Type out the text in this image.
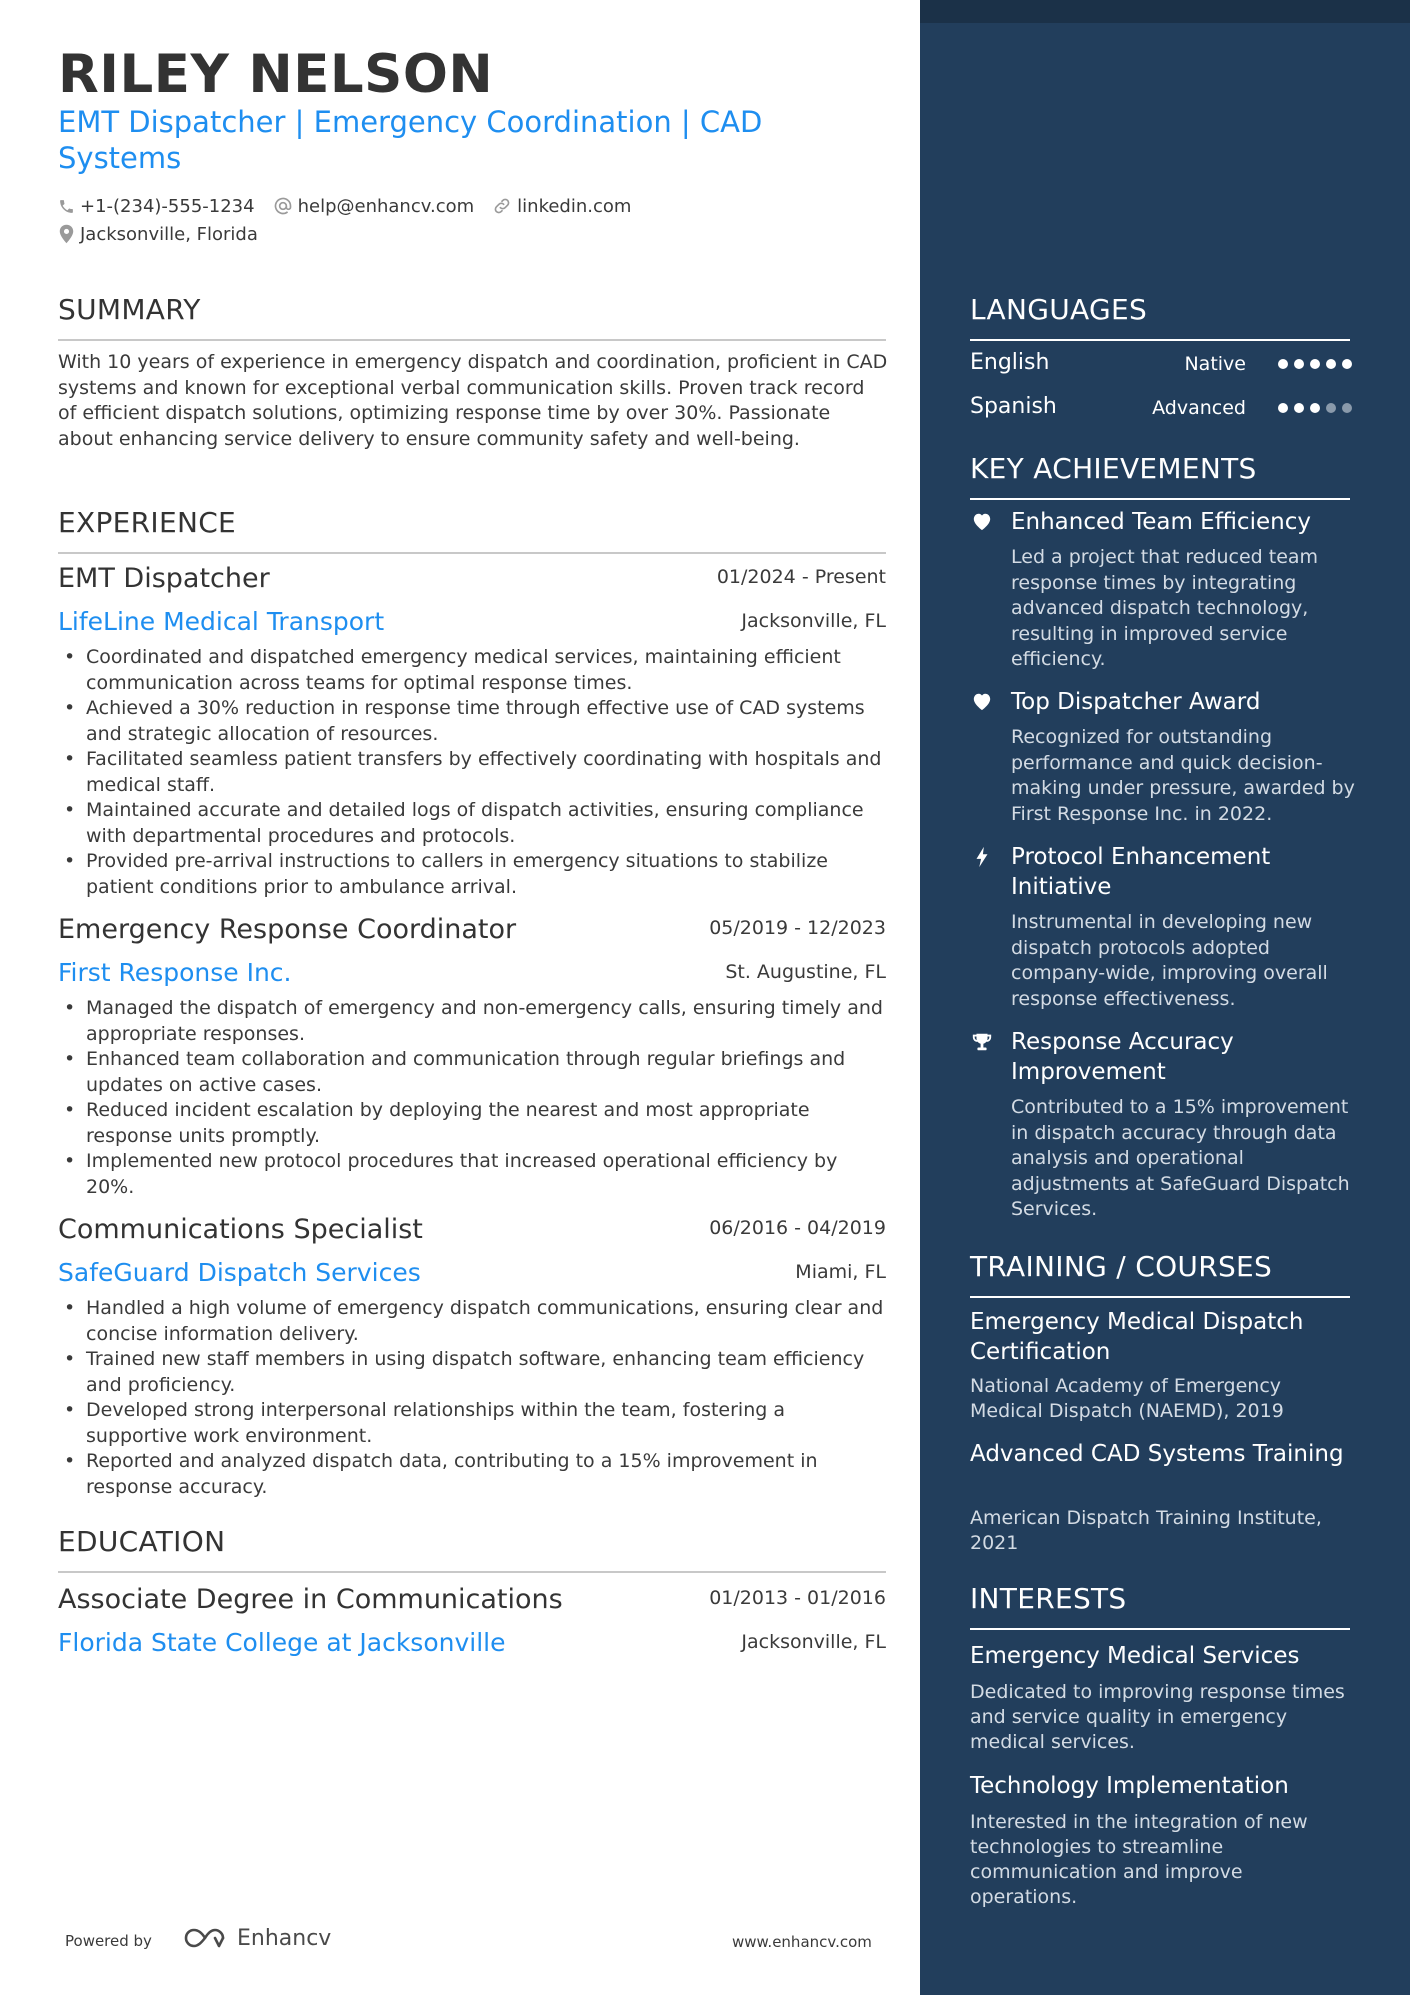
RILEY NELSON
EMT Dispatcher | Emergency Coordination | CAD Systems
+1-(234)-555-1234 help@enhancv.com linkedin.com
Jacksonville, Florida
SUMMARY
With 10 years of experience in emergency dispatch and coordination, proficient in CAD systems and known for exceptional verbal communication skills. Proven track record of efficient dispatch solutions, optimizing response time by over 30%. Passionate about enhancing service delivery to ensure community safety and well-being.
EXPERIENCE
EMT Dispatcher	01/2024 - Present
LifeLine Medical Transport	Jacksonville, FL
• Coordinated and dispatched emergency medical services, maintaining efficient communication across teams for optimal response times.
• Achieved a 30% reduction in response time through effective use of CAD systems and strategic allocation of resources.
• Facilitated seamless patient transfers by effectively coordinating with hospitals and medical staff.
• Maintained accurate and detailed logs of dispatch activities, ensuring compliance with departmental procedures and protocols.
• Provided pre-arrival instructions to callers in emergency situations to stabilize patient conditions prior to ambulance arrival.
Emergency Response Coordinator	05/2019 - 12/2023
First Response Inc.	St. Augustine, FL
• Managed the dispatch of emergency and non-emergency calls, ensuring timely and appropriate responses.
• Enhanced team collaboration and communication through regular briefings and updates on active cases.
• Reduced incident escalation by deploying the nearest and most appropriate response units promptly.
• Implemented new protocol procedures that increased operational efficiency by 20%.
Communications Specialist	06/2016 - 04/2019
SafeGuard Dispatch Services	Miami, FL
• Handled a high volume of emergency dispatch communications, ensuring clear and concise information delivery.
• Trained new staff members in using dispatch software, enhancing team efficiency and proficiency.
• Developed strong interpersonal relationships within the team, fostering a supportive work environment.
• Reported and analyzed dispatch data, contributing to a 15% improvement in response accuracy.
EDUCATION
Associate Degree in Communications	01/2013 - 01/2016
Florida State College at Jacksonville	Jacksonville, FL
Powered by	Enhancv	www.enhancv.com
LANGUAGES
English	Native
Spanish	Advanced
KEY ACHIEVEMENTS
Enhanced Team Efficiency
Led a project that reduced team response times by integrating advanced dispatch technology, resulting in improved service efficiency.
Top Dispatcher Award
Recognized for outstanding performance and quick decision-making under pressure, awarded by First Response Inc. in 2022.
Protocol Enhancement Initiative
Instrumental in developing new dispatch protocols adopted company-wide, improving overall response effectiveness.
Response Accuracy Improvement
Contributed to a 15% improvement in dispatch accuracy through data analysis and operational adjustments at SafeGuard Dispatch Services.
TRAINING / COURSES
Emergency Medical Dispatch Certification
National Academy of Emergency Medical Dispatch (NAEMD), 2019
Advanced CAD Systems Training
American Dispatch Training Institute, 2021
INTERESTS
Emergency Medical Services
Dedicated to improving response times and service quality in emergency medical services.
Technology Implementation
Interested in the integration of new technologies to streamline communication and improve operations.
